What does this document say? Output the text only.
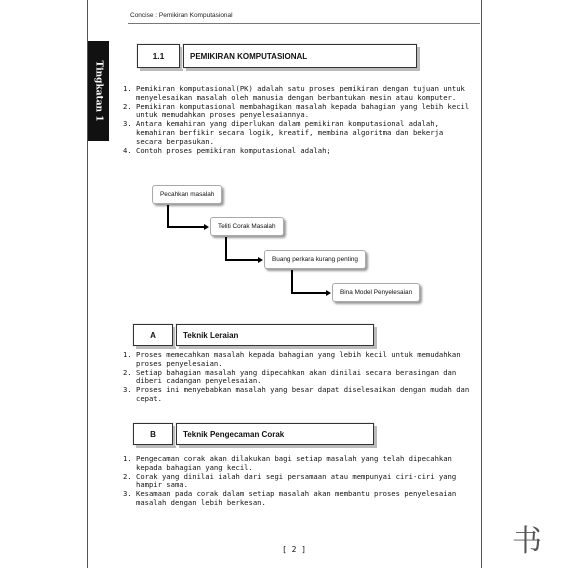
Concise : Pemikiran Komputasional
Tingkatan 1
1.1	PEMIKIRAN KOMPUTASIONAL
1. Pemikiran komputasional(PK) adalah satu proses pemikiran dengan tujuan untuk menyelesaikan masalah oleh manusia dengan berbantukan mesin atau komputer.
2. Pemikiran komputasional membahagikan masalah kepada bahagian yang lebih kecil untuk memudahkan proses penyelesaiannya.
3. Antara kemahiran yang diperlukan dalam pemikiran komputasional adalah, kemahiran berfikir secara logik, kreatif, membina algoritma dan bekerja secara berpasukan.
4. Contoh proses pemikiran komputasional adalah;
Pecahkan masalah
Teliti Corak Masalah
Buang perkara kurang penting
Bina Model Penyelesaian
A	Teknik Leraian
1. Proses memecahkan masalah kepada bahagian yang lebih kecil untuk memudahkan proses penyelesaian.
2. Setiap bahagian masalah yang dipecahkan akan dinilai secara berasingan dan diberi cadangan penyelesaian.
3. Proses ini menyebabkan masalah yang besar dapat diselesaikan dengan mudah dan cepat.
B	Teknik Pengecaman Corak
1. Pengecaman corak akan dilakukan bagi setiap masalah yang telah dipecahkan kepada bahagian yang kecil.
2. Corak yang dinilai ialah dari segi persamaan atau mempunyai ciri-ciri yang hampir sama.
3. Kesamaan pada corak dalam setiap masalah akan membantu proses penyelesaian masalah dengan lebih berkesan.
[ 2 ]	书
